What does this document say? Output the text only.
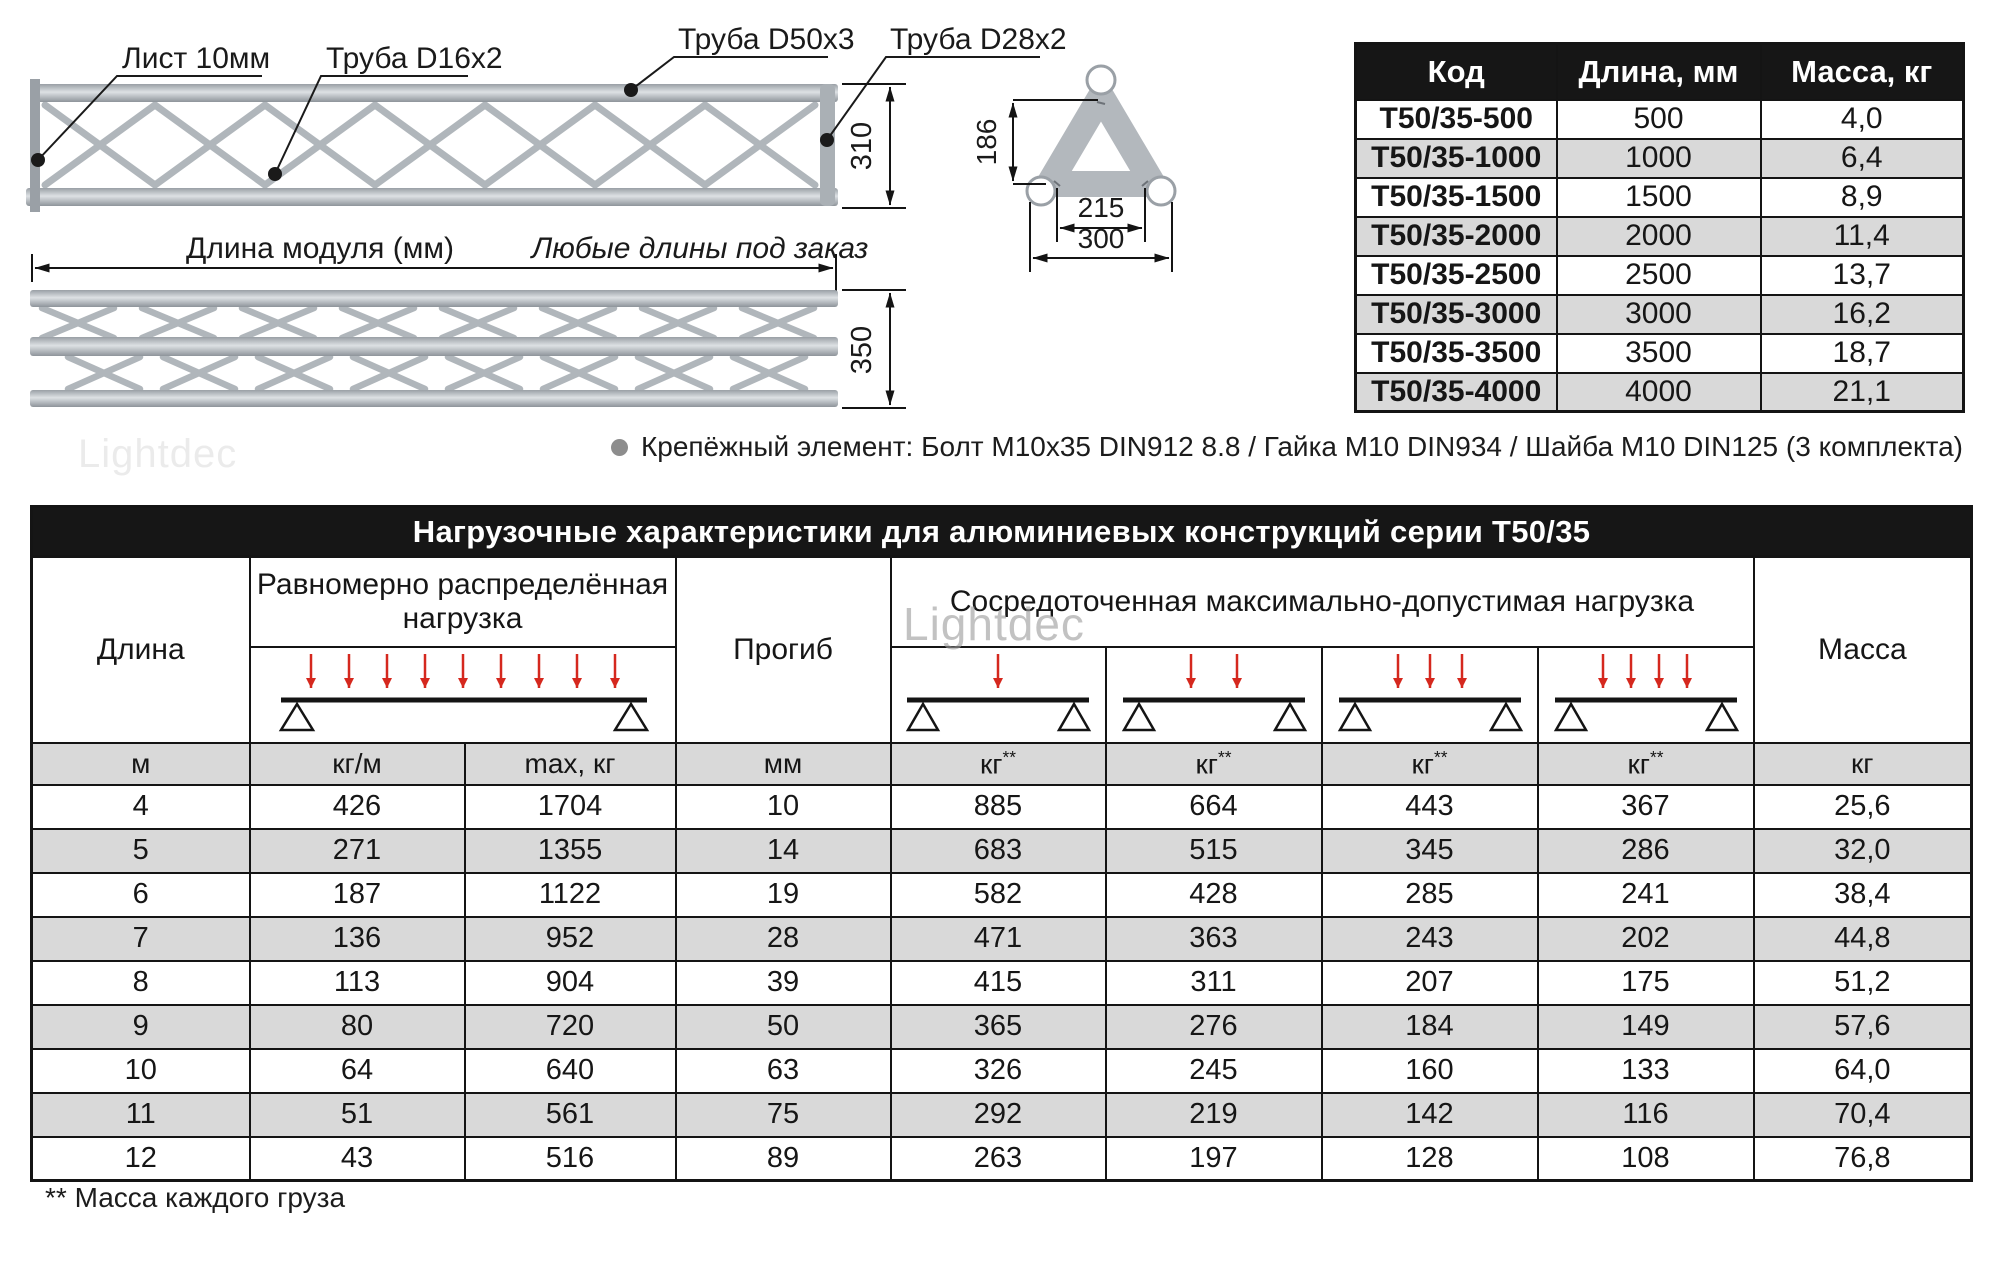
Лист 10мм Труба D16x2
Труба D50x3 Труба D28x2
310
Длина модуля (мм)	Любые длины под заказ
350
186
215
300
Код	Длина, мм	Масса, кг
Т50/35-500	500	4,0
Т50/35-1000	1000	6,4
Т50/35-1500	1500	8,9
Т50/35-2000	2000	11,4
Т50/35-2500	2500	13,7
Т50/35-3000	3000	16,2
Т50/35-3500	3500	18,7
Т50/35-4000	4000	21,1
Крепёжный элемент: Болт М10х35 DIN912 8.8 / Гайка М10 DIN934 / Шайба М10 DIN125 (3 комплекта)
Нагрузочные характеристики для алюминиевых конструкций серии Т50/35								
Длина	Равномерно распределённая нагрузка		Прогиб	Сосредоточенная максимально-допустимая нагрузка				Масса

м	кг/м	max, кг	мм	кг**	кг**	кг**	кг**	кг
4	426	1704	10	885	664	443	367	25,6
5	271	1355	14	683	515	345	286	32,0
6	187	1122	19	582	428	285	241	38,4
7	136	952	28	471	363	243	202	44,8
8	113	904	39	415	311	207	175	51,2
9	80	720	50	365	276	184	149	57,6
10	64	640	63	326	245	160	133	64,0
11	51	561	75	292	219	142	116	70,4
12	43	516	89	263	197	128	108	76,8
** Масса каждого груза
Lightdec
Lightdec
